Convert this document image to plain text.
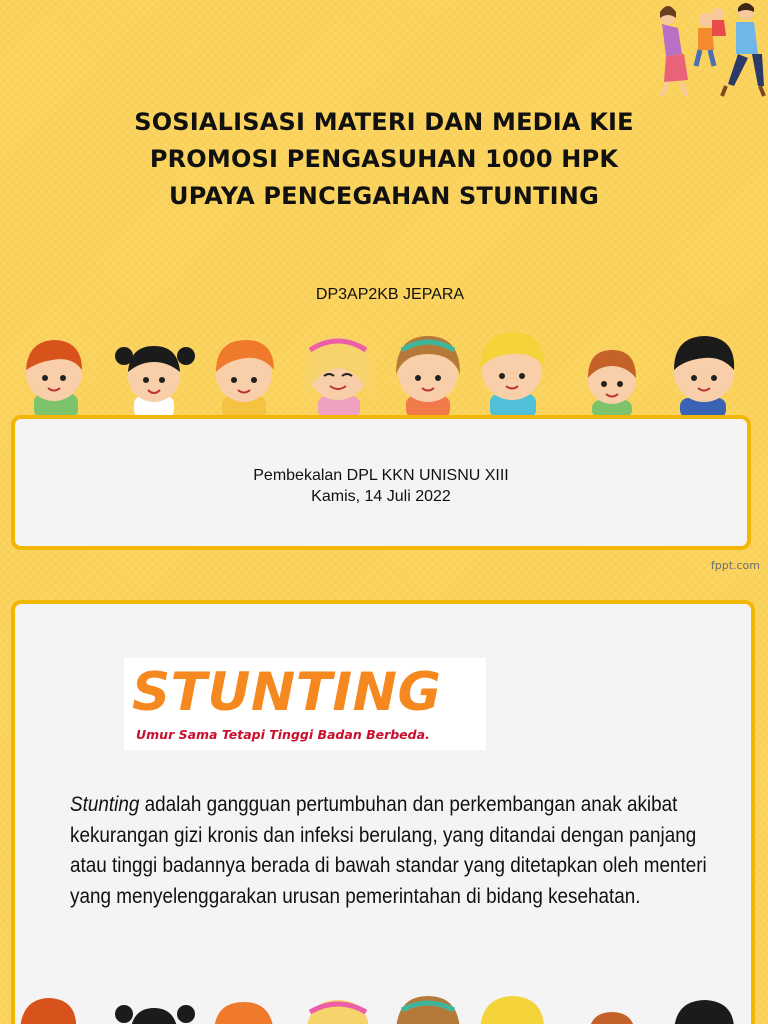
SOSIALISASI MATERI DAN MEDIA KIE
PROMOSI PENGASUHAN 1000 HPK
UPAYA PENCEGAHAN STUNTING
DP3AP2KB JEPARA
Pembekalan DPL KKN UNISNU XIII
Kamis, 14 Juli 2022
fppt.com
STUNTING
Umur Sama Tetapi Tinggi Badan Berbeda.

Stunting adalah gangguan pertumbuhan dan perkembangan anak akibat kekurangan gizi kronis dan infeksi berulang, yang ditandai dengan panjang atau tinggi badannya berada di bawah standar yang ditetapkan oleh menteri yang menyelenggarakan urusan pemerintahan di bidang kesehatan.
